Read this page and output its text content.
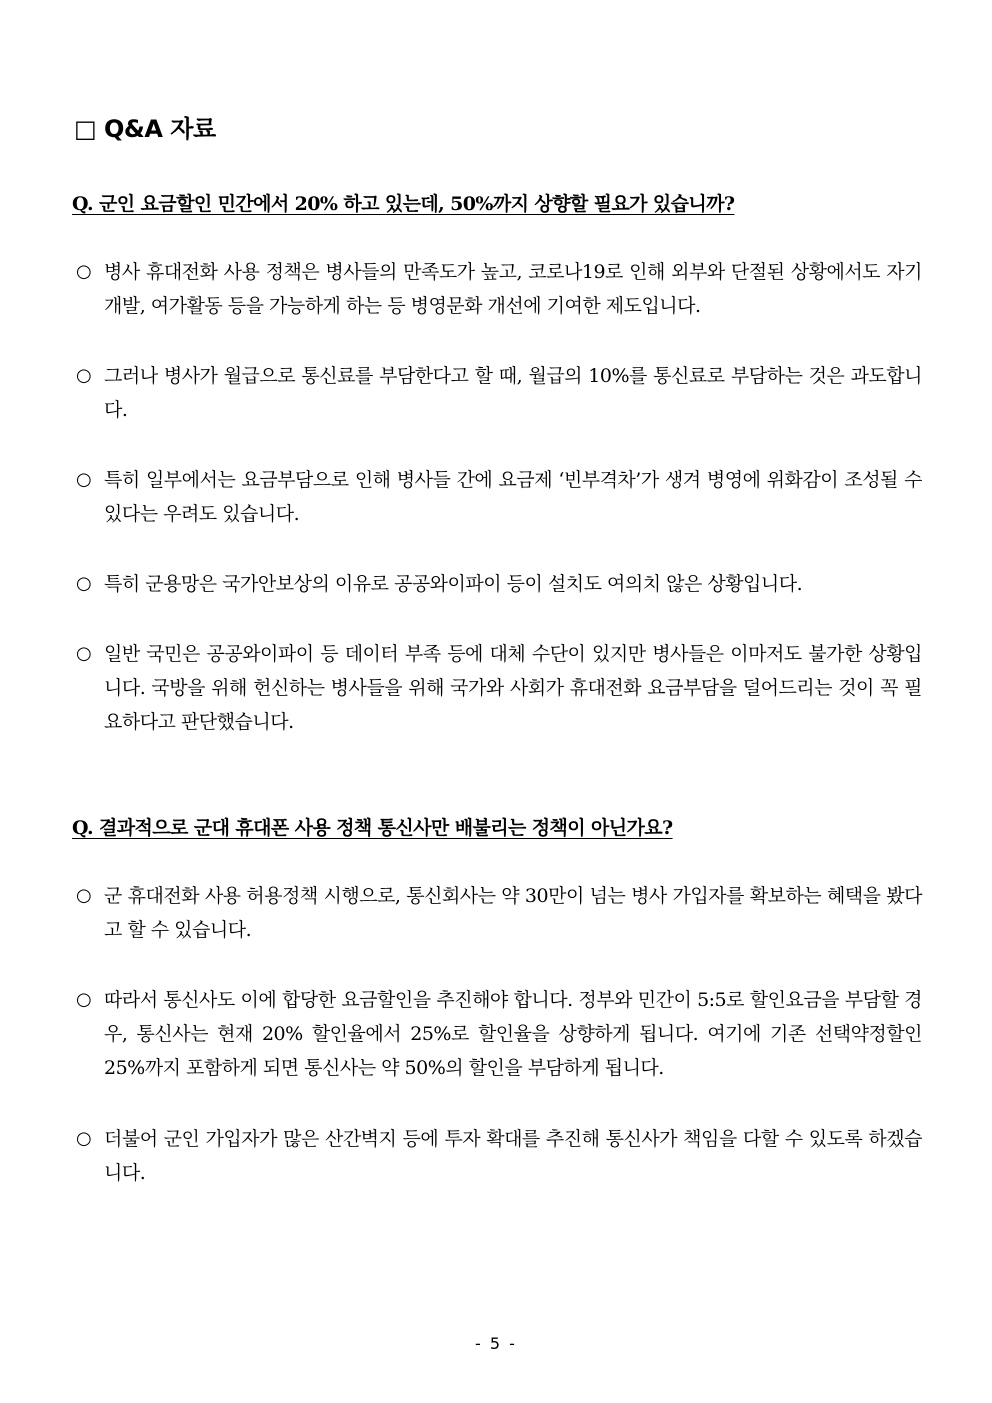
□ Q&A 자료
Q. 군인 요금할인 민간에서 20% 하고 있는데, 50%까지 상향할 필요가 있습니까?
○ 병사 휴대전화 사용 정책은 병사들의 만족도가 높고, 코로나19로 인해 외부와 단절된 상황에서도 자기개발, 여가활동 등을 가능하게 하는 등 병영문화 개선에 기여한 제도입니다.

○ 그러나 병사가 월급으로 통신료를 부담한다고 할 때, 월급의 10%를 통신료로 부담하는 것은 과도합니다.

○ 특히 일부에서는 요금부담으로 인해 병사들 간에 요금제 ‘빈부격차’가 생겨 병영에 위화감이 조성될 수 있다는 우려도 있습니다.

○ 특히 군용망은 국가안보상의 이유로 공공와이파이 등이 설치도 여의치 않은 상황입니다.

○ 일반 국민은 공공와이파이 등 데이터 부족 등에 대체 수단이 있지만 병사들은 이마저도 불가한 상황입니다. 국방을 위해 헌신하는 병사들을 위해 국가와 사회가 휴대전화 요금부담을 덜어드리는 것이 꼭 필요하다고 판단했습니다.

Q. 결과적으로 군대 휴대폰 사용 정책 통신사만 배불리는 정책이 아닌가요?
○ 군 휴대전화 사용 허용정책 시행으로, 통신회사는 약 30만이 넘는 병사 가입자를 확보하는 혜택을 봤다고 할 수 있습니다.

○ 따라서 통신사도 이에 합당한 요금할인을 추진해야 합니다. 정부와 민간이 5:5로 할인요금을 부담할 경우, 통신사는 현재 20% 할인율에서 25%로 할인율을 상향하게 됩니다. 여기에 기존 선택약정할인 25%까지 포함하게 되면 통신사는 약 50%의 할인을 부담하게 됩니다.

○ 더불어 군인 가입자가 많은 산간벽지 등에 투자 확대를 추진해 통신사가 책임을 다할 수 있도록 하겠습니다.

- 5 -
